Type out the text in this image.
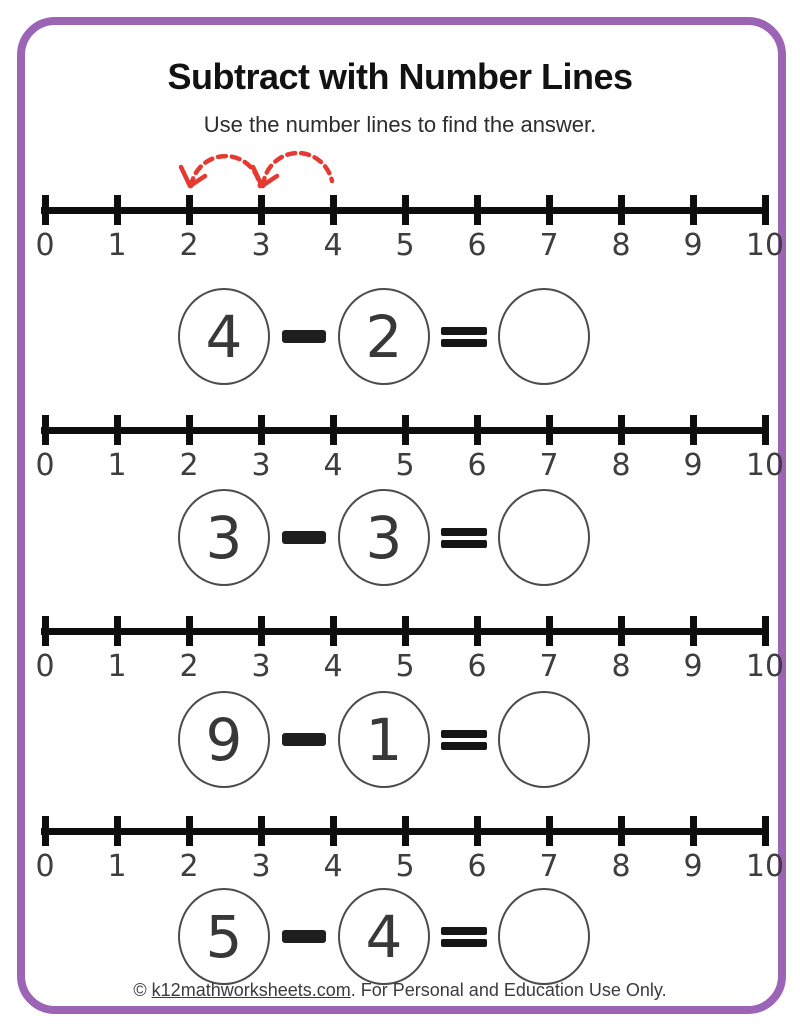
Subtract with Number Lines

Use the number lines to find the answer.

0	1	2	3	4	5	6	7	8	9	10
4 2
0	1	2	3	4	5	6	7	8	9	10
3 3
0	1	2	3	4	5	6	7	8	9	10
9 1
0	1	2	3	4	5	6	7	8	9	10
5 4
© k12mathworksheets.com. For Personal and Education Use Only.
